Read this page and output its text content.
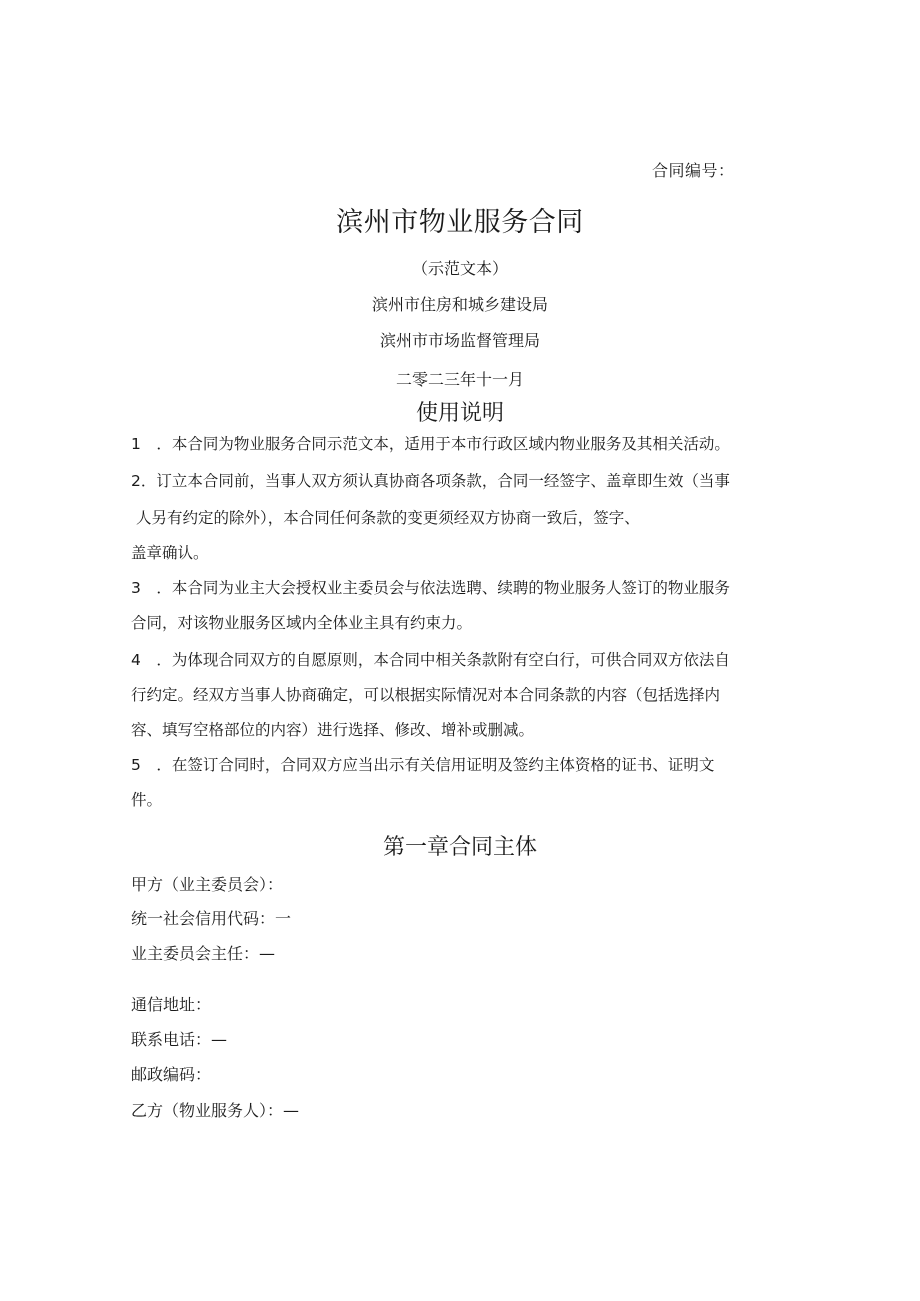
合同编号：
滨州市物业服务合同
（示范文本）
滨州市住房和城乡建设局
滨州市市场监督管理局
二零二三年十一月
使用说明
1　．本合同为物业服务合同示范文本，适用于本市行政区域内物业服务及其相关活动。
2．订立本合同前，当事人双方须认真协商各项条款，合同一经签字、盖章即生效（当事
人另有约定的除外），本合同任何条款的变更须经双方协商一致后，签字、
盖章确认。
3　．本合同为业主大会授权业主委员会与依法选聘、续聘的物业服务人签订的物业服务
合同，对该物业服务区域内全体业主具有约束力。
4　．为体现合同双方的自愿原则，本合同中相关条款附有空白行，可供合同双方依法自
行约定。经双方当事人协商确定，可以根据实际情况对本合同条款的内容（包括选择内
容、填写空格部位的内容）进行选择、修改、增补或删减。
5　．在签订合同时，合同双方应当出示有关信用证明及签约主体资格的证书、证明文
件。
第一章合同主体
甲方（业主委员会）：
统一社会信用代码：一
业主委员会主任：—
通信地址：
联系电话：—
邮政编码：
乙方（物业服务人）：—
